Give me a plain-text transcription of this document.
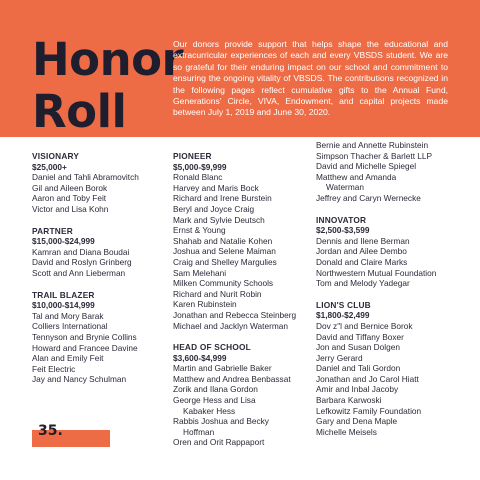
Honor
Roll

Our donors provide support that helps shape the educational and extracurricular experiences of each and every VBSDS student. We are so grateful for their enduring impact on our school and commitment to ensuring the ongoing vitality of VBSDS. The contributions recognized in the following pages reflect cumulative gifts to the Annual Fund, Generations' Circle, VIVA, Endowment, and capital projects made between July 1, 2019 and June 30, 2020.

VISIONARY
$25,000+
Daniel and Tahli Abramovitch
Gil and Aileen Borok
Aaron and Toby Feit
Victor and Lisa Kohn
PARTNER
$15,000-$24,999
Kamran and Diana Boudai
David and Roslyn Grinberg
Scott and Ann Lieberman
TRAIL BLAZER
$10,000-$14,999
Tal and Mory Barak
Colliers International
Tennyson and Brynie Collins
Howard and Francee Davine
Alan and Emily Feit
Feit Electric
Jay and Nancy Schulman
PIONEER
$5,000-$9,999
Ronald Blanc
Harvey and Maris Bock
Richard and Irene Burstein
Beryl and Joyce Craig
Mark and Sylvie Deutsch
Ernst & Young
Shahab and Natalie Kohen
Joshua and Selene Maiman
Craig and Shelley Margulies
Sam Melehani
Milken Community Schools
Richard and Nurit Robin
Karen Rubinstein
Jonathan and Rebecca Steinberg
Michael and Jacklyn Waterman
HEAD OF SCHOOL
$3,600-$4,999
Martin and Gabrielle Baker
Matthew and Andrea Benbassat
Zorik and Ilana Gordon
George Hess and Lisa
Kabaker Hess
Rabbis Joshua and Becky
Hoffman
Oren and Orit Rappaport
Bernie and Annette Rubinstein
Simpson Thacher & Barlett LLP
David and Michelle Spiegel
Matthew and Amanda
Waterman
Jeffrey and Caryn Wernecke
INNOVATOR
$2,500-$3,599
Dennis and Ilene Berman
Jordan and Ailee Dembo
Donald and Claire Marks
Northwestern Mutual Foundation
Tom and Melody Yadegar
LION'S CLUB
$1,800-$2,499
Dov z"l and Bernice Borok
David and Tiffany Boxer
Jon and Susan Dolgen
Jerry Gerard
Daniel and Tali Gordon
Jonathan and Jo Carol Hiatt
Amir and Inbal Jacoby
Barbara Karwoski
Lefkowitz Family Foundation
Gary and Dena Maple
Michelle Meisels
35.
